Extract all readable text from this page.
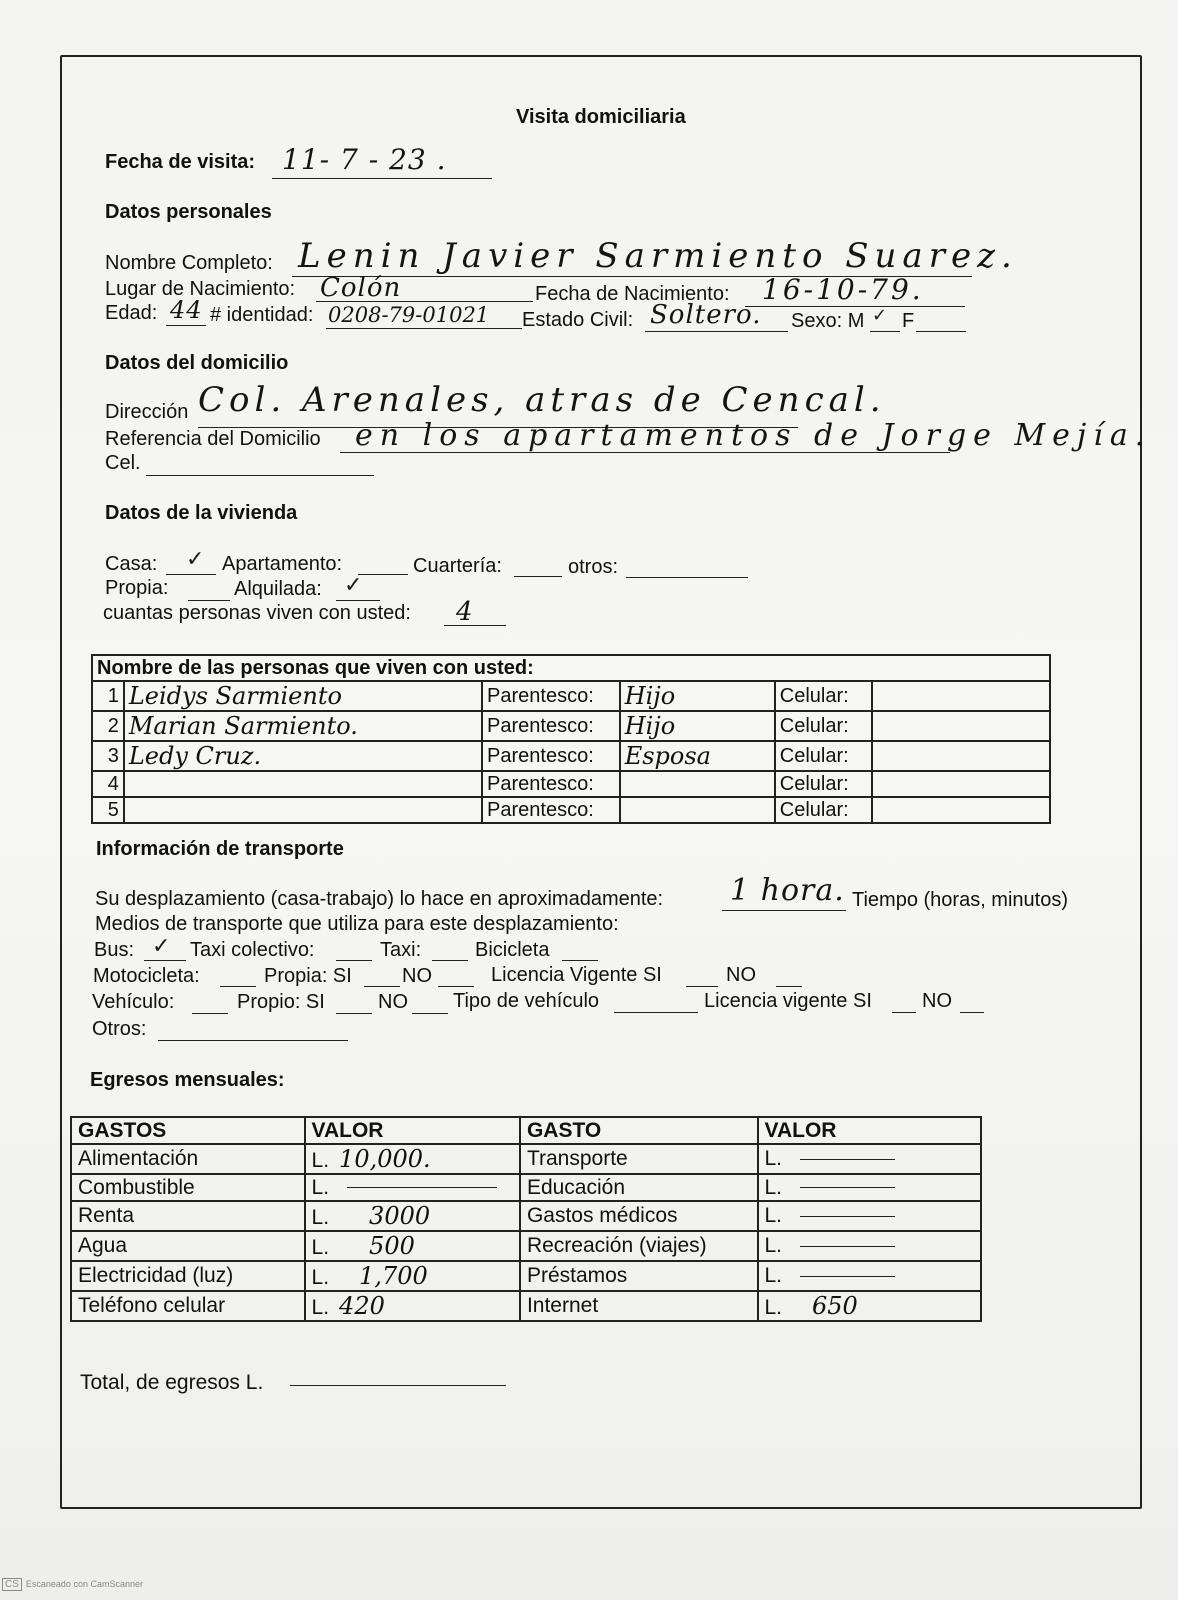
Visita domiciliaria
Fecha de visita: 11- 7 - 23 .
Datos personales
Nombre Completo: Lenin Javier Sarmiento Suarez.
Lugar de Nacimiento: Colón	Fecha de Nacimiento: 16-10-79.
Edad: 44 # identidad: 0208-79-01021 Estado Civil: Soltero. Sexo: M ✓ F
Datos del domicilio
Dirección Col. Arenales, atras de Cencal.
Referencia del Domicilio en los apartamentos de Jorge Mejía.
Cel.
Datos de la vivienda
Casa: ✓ Apartamento:	Cuartería:	otros:
Propia:	Alquilada: ✓
cuantas personas viven con usted: 4
Nombre de las personas que viven con usted:					
1	Leidys Sarmiento	Parentesco:	Hijo	Celular:	
2	Marian Sarmiento.	Parentesco:	Hijo	Celular:	
3	Ledy Cruz.	Parentesco:	Esposa	Celular:	
4		Parentesco:		Celular:	
5		Parentesco:		Celular:	
Información de transporte
Su desplazamiento (casa-trabajo) lo hace en aproximadamente: 1 hora. Tiempo (horas, minutos)
Medios de transporte que utiliza para este desplazamiento:
Bus: ✓ Taxi colectivo:	Taxi:	Bicicleta
Motocicleta:	Propia: SI	NO	Licencia Vigente SI	NO
Vehículo:	Propio: SI	NO Tipo de vehículo	Licencia vigente SI	NO
Otros:
Egresos mensuales:
GASTOS	VALOR	GASTO	VALOR
Alimentación	L. 10,000.	Transporte	L.
Combustible	L.	Educación	L.
Renta	L. 3000	Gastos médicos	L.
Agua	L. 500	Recreación (viajes)	L.
Electricidad (luz)	L. 1,700	Préstamos	L.
Teléfono celular	L. 420	Internet	L. 650
Total, de egresos L.
CS Escaneado con CamScanner
